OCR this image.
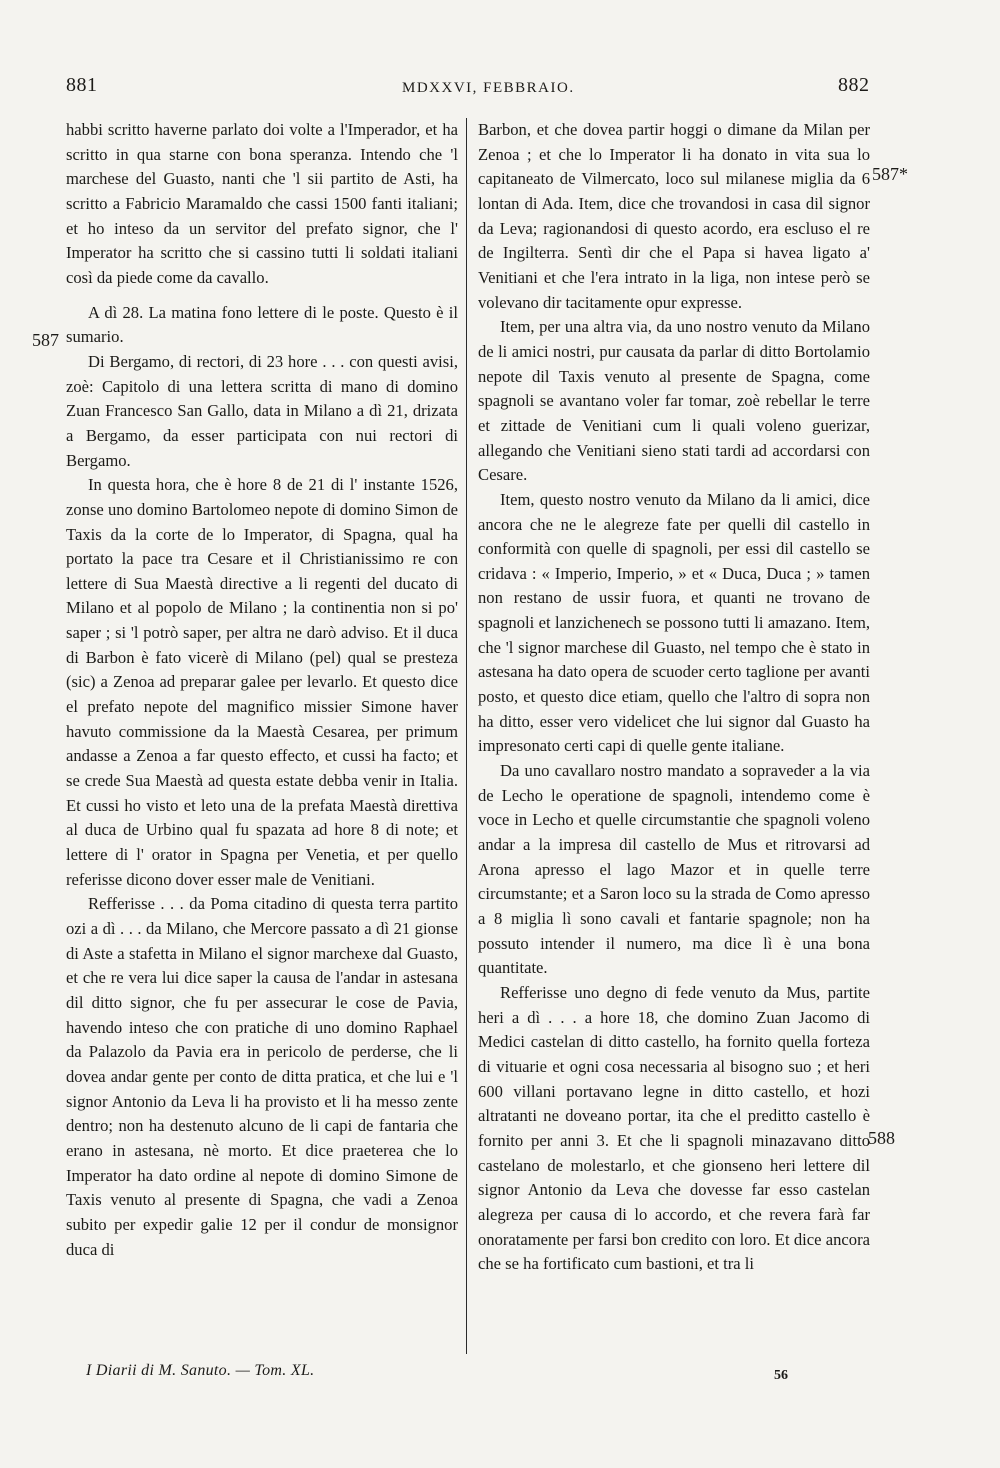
881	MDXXVI, FEBBRAIO.	882
587
587*
588

habbi scritto haverne parlato doi volte a l'Imperador, et ha scritto in qua starne con bona speranza. Intendo che 'l marchese del Guasto, nanti che 'l sii partito de Asti, ha scritto a Fabricio Maramaldo che cassi 1500 fanti italiani; et ho inteso da un servitor del prefato signor, che l' Imperator ha scritto che si cassino tutti li soldati italiani così da piede come da cavallo.

A dì 28. La matina fono lettere di le poste. Questo è il sumario.

Di Bergamo, di rectori, di 23 hore . . . con questi avisi, zoè: Capitolo di una lettera scritta di mano di domino Zuan Francesco San Gallo, data in Milano a dì 21, drizata a Bergamo, da esser participata con nui rectori di Bergamo.

In questa hora, che è hore 8 de 21 di l' instante 1526, zonse uno domino Bartolomeo nepote di domino Simon de Taxis da la corte de lo Imperator, di Spagna, qual ha portato la pace tra Cesare et il Christianissimo re con lettere di Sua Maestà directive a li regenti del ducato di Milano et al popolo de Milano ; la continentia non si po' saper ; si 'l potrò saper, per altra ne darò adviso. Et il duca di Barbon è fato vicerè di Milano (pel) qual se presteza (sic) a Zenoa ad preparar galee per levarlo. Et questo dice el prefato nepote del magnifico missier Simone haver havuto commissione da la Maestà Cesarea, per primum andasse a Zenoa a far questo effecto, et cussi ha facto; et se crede Sua Maestà ad questa estate debba venir in Italia. Et cussi ho visto et leto una de la prefata Maestà direttiva al duca de Urbino qual fu spazata ad hore 8 di note; et lettere di l' orator in Spagna per Venetia, et per quello referisse dicono dover esser male de Venitiani.

Refferisse . . . da Poma citadino di questa terra partito ozi a dì . . . da Milano, che Mercore passato a dì 21 gionse di Aste a stafetta in Milano el signor marchexe dal Guasto, et che re vera lui dice saper la causa de l'andar in astesana dil ditto signor, che fu per assecurar le cose de Pavia, havendo inteso che con pratiche di uno domino Raphael da Palazolo da Pavia era in pericolo de perderse, che li doveа andar gente per conto de ditta pratica, et che lui e 'l signor Antonio da Leva li ha provisto et li ha messo zente dentro; non ha destenuto alcuno de li capi de fantaria che erano in astesana, nè morto. Et dice praeterea che lo Imperator ha dato ordine al nepote di domino Simone de Taxis venuto al presente di Spagna, che vadi a Zenoa subito per expedir galie 12 per il condur de monsignor duca di

Barbon, et che dovea partir hoggi o dimane da Milan per Zenoa ; et che lo Imperator li ha donato in vita sua lo capitaneato de Vilmercato, loco sul milanese miglia da 6 lontan di Ada. Item, dice che trovandosi in casa dil signor da Leva; ragionandosi di questo acordo, era escluso el re de Ingilterra. Sentì dir che el Papa si havea ligato a' Venitiani et che l'era intrato in la liga, non intese però se volevano dir tacitamente opur expresse.

Item, per una altra via, da uno nostro venuto da Milano de li amici nostri, pur causata da parlar di ditto Bortolamio nepote dil Taxis venuto al presente de Spagna, come spagnoli se avantano voler far tomar, zoè rebellar le terre et zittade de Venitiani cum li quali voleno guerizar, allegando che Venitiani sieno stati tardi ad accordarsi con Cesare.

Item, questo nostro venuto da Milano da li amici, dice ancora che ne le alegreze fate per quelli dil castello in conformità con quelle di spagnoli, per essi dil castello se cridava : « Imperio, Imperio, » et « Duca, Duca ; » tamen non restano de ussir fuora, et quanti ne trovano de spagnoli et lanzichenech se possono tutti li amazano. Item, che 'l signor marchese dil Guasto, nel tempo che è stato in astesana ha dato opera de scuoder certo taglione per avanti posto, et questo dice etiam, quello che l'altro di sopra non ha ditto, esser vero videlicet che lui signor dal Guasto ha impresonato certi capi di quelle gente italiane.

Da uno cavallaro nostro mandato a sopraveder a la via de Lecho le operatione de spagnoli, intendemo come è voce in Lecho et quelle circumstantie che spagnoli voleno andar a la impresa dil castello de Mus et ritrovarsi ad Arona apresso el lago Mazor et in quelle terre circumstante; et a Saron loco su la strada de Como apresso a 8 miglia lì sono cavali et fantarie spagnole; non ha possuto intender il numero, ma dice lì è una bona quantitate.

Refferisse uno degno di fede venuto da Mus, partite heri a dì . . . a hore 18, che domino Zuan Jacomo di Medici castelan di ditto castello, ha fornito quella forteza di vituarie et ogni cosa necessaria al bisogno suo ; et heri 600 villani portavano legne in ditto castello, et hozi altratanti ne doveano portar, ita che el preditto castello è fornito per anni 3. Et che li spagnoli minazavano ditto castelano de molestarlo, et che gionseno heri lettere dil signor Antonio da Leva che dovesse far esso castelan alegreza per causa di lo accordo, et che revera farà far onoratamente per farsi bon credito con loro. Et dice ancora che se ha fortificato cum bastioni, et tra li

I Diarii di M. Sanuto. — Tom. XL.	56
